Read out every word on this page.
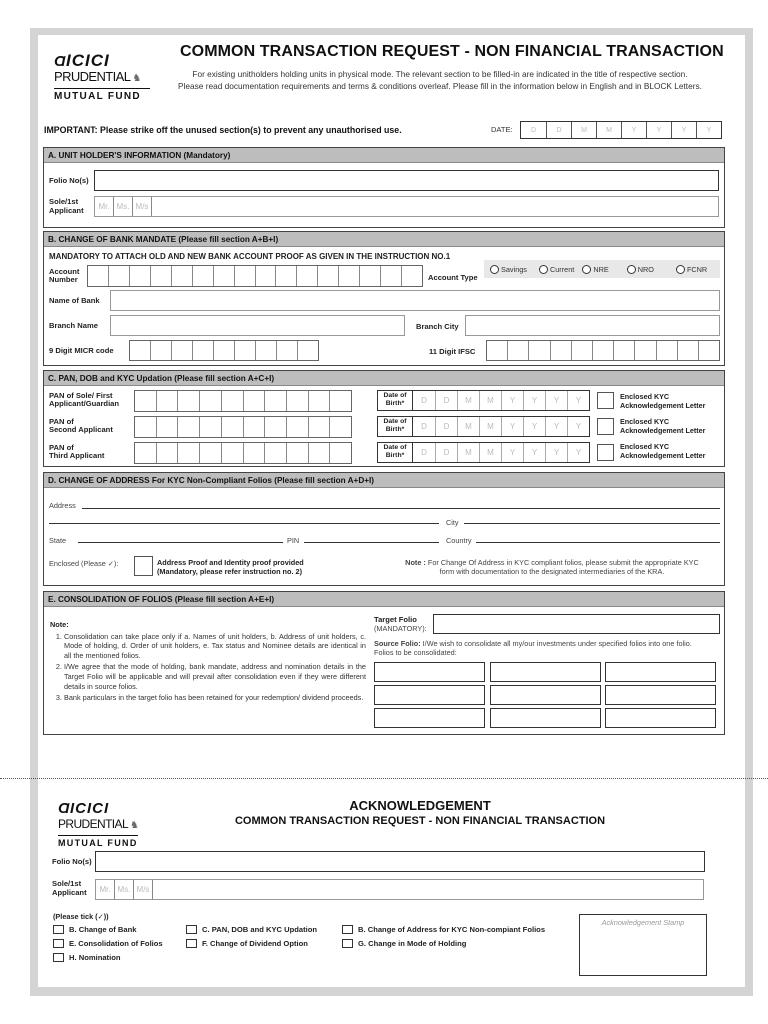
ⱭICICI
PRUDENTIAL ♞
MUTUAL FUND
COMMON TRANSACTION REQUEST - NON FINANCIAL TRANSACTION
For existing unitholders holding units in physical mode. The relevant section to be filled-in are indicated in the title of respective section.
Please read documentation requirements and terms & conditions overleaf. Please fill in the information below in English and in BLOCK Letters.
IMPORTANT: Please strike off the unused section(s) to prevent any unauthorised use.	DATE:	D	D	M	M	Y	Y	Y	Y
A. UNIT HOLDER'S INFORMATION (Mandatory)
Folio No(s)
Sole/1st
Applicant	Mr. Ms. M/s
B. CHANGE OF BANK MANDATE (Please fill section A+B+I)
MANDATORY TO ATTACH OLD AND NEW BANK ACCOUNT PROOF AS GIVEN IN THE INSTRUCTION NO.1
Account
Number	Account Type
Savings	Current	NRE	NRO	FCNR
Name of Bank
Branch Name	Branch City
9 Digit MICR code	11 Digit IFSC
C. PAN, DOB and KYC Updation (Please fill section A+C+I)
PAN of Sole/ First
Applicant/Guardian
Date of
Birth*	D	D	M	M	Y	Y	Y	Y	Enclosed KYC
Acknowledgement Letter
PAN of
Second Applicant
Date of
Birth*	D	D	M	M	Y	Y	Y	Y
Enclosed KYC
Acknowledgement Letter
PAN of
Third Applicant
Date of
Birth*	D	D	M	M	Y	Y	Y	Y
Enclosed KYC
Acknowledgement Letter
D. CHANGE OF ADDRESS For KYC Non-Compliant Folios (Please fill section A+D+I)
Address
City
State	PIN	Country
Enclosed (Please ✓):	Address Proof and Identity proof provided
(Mandatory, please refer instruction no. 2)
Note : For Change Of Address in KYC compliant folios, please submit the appropriate KYC
form with documentation to the designated intermediaries of the KRA.
E. CONSOLIDATION OF FOLIOS (Please fill section A+E+I)
Note:
1. Consolidation can take place only if a. Names of unit holders, b. Address of unit holders, c. Mode of holding, d. Order of unit holders, e. Tax status and Nominee details are identical in all the mentioned folios.
2. I/We agree that the mode of holding, bank mandate, address and nomination details in the Target Folio will be applicable and will prevail after consolidation even if they were different details in source folios.
3. Bank particulars in the target folio has been retained for your redemption/ dividend proceeds.
Target Folio
(MANDATORY):
Source Folio: I/We wish to consolidate all my/our investments under specified folios into one folio.
Folios to be consolidated:
ⱭICICI
PRUDENTIAL ♞
MUTUAL FUND
ACKNOWLEDGEMENT
COMMON TRANSACTION REQUEST - NON FINANCIAL TRANSACTION
Folio No(s)
Sole/1st
Applicant	Mr. Ms. M/s
(Please tick (✓))
B. Change of Bank	C. PAN, DOB and KYC Updation	B. Change of Address for KYC Non-compiant Folios
E. Consolidation of Folios	F. Change of Dividend Option	G. Change in Mode of Holding
H. Nomination
Acknowledgement Stamp
